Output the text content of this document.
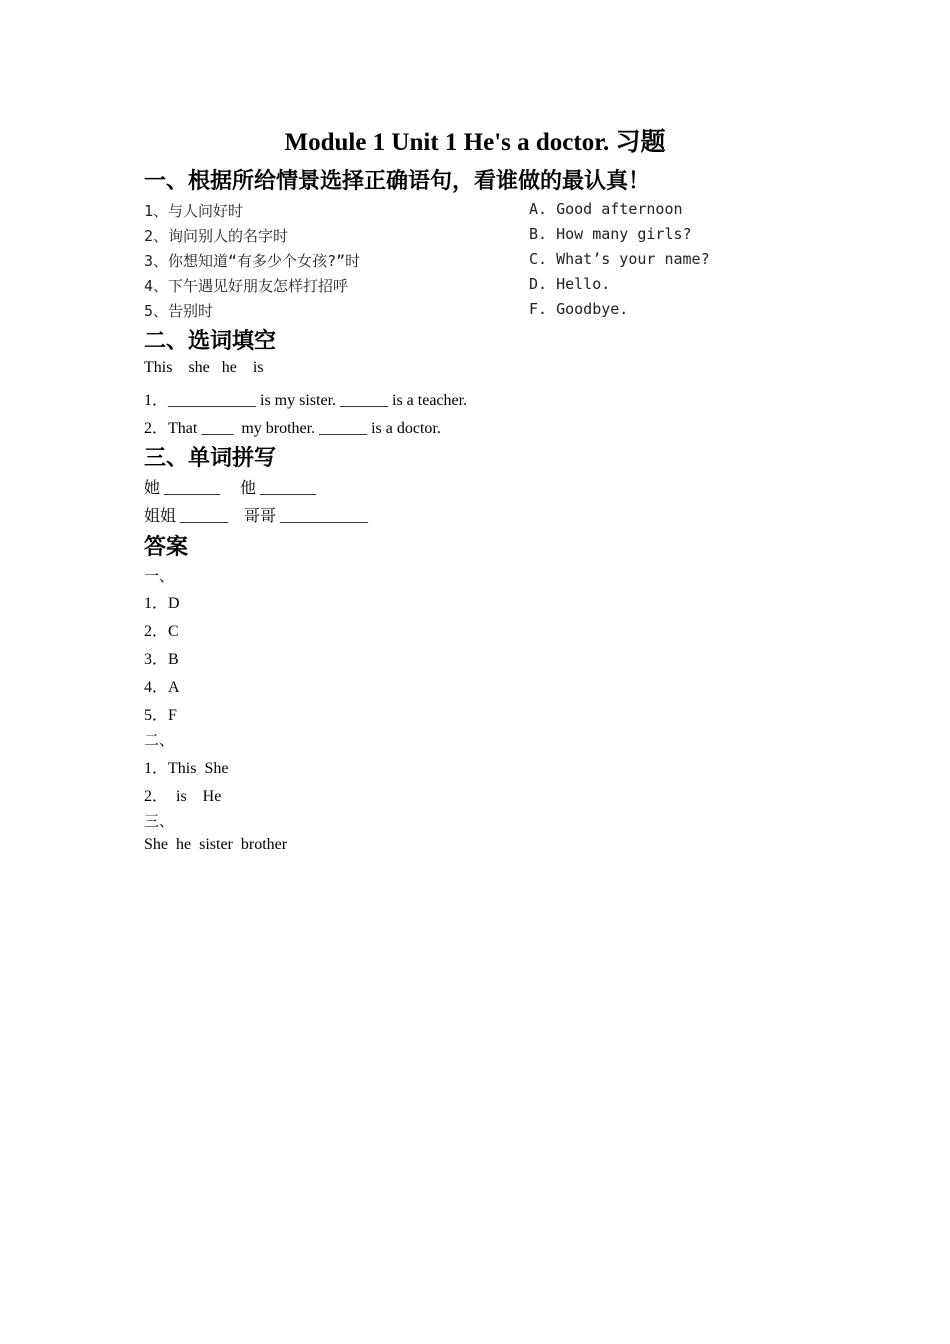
Module 1 Unit 1 He's a doctor. 习题
一、根据所给情景选择正确语句，看谁做的最认真！
1、与人问好时
2、询问别人的名字时
3、你想知道“有多少个女孩?”时
4、下午遇见好朋友怎样打招呼
5、告别时
A. Good afternoon
B. How many girls?
C. What’s your name?
D. Hello.
F. Goodbye.
二、选词填空
This    she   he    is
1．___________ is my sister. ______ is a teacher.
2．That ____  my brother. ______ is a doctor.
三、单词拼写
她 _______     他 _______
姐姐 ______    哥哥 ___________
答案
一、
1．D
2．C
3．B
4．A
5．F
二、
1．This  She
2．  is    He
三、
She  he  sister  brother
